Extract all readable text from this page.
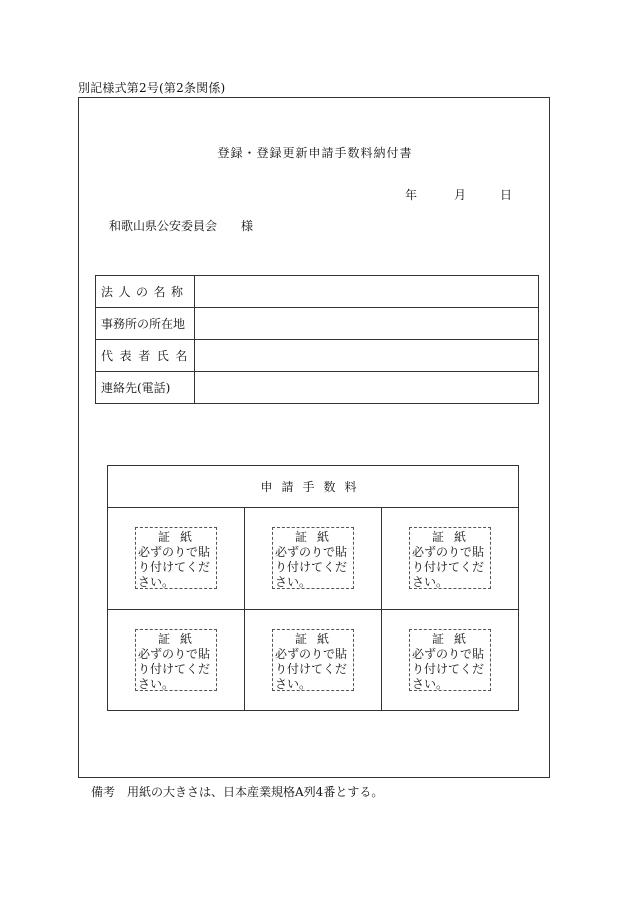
別記様式第2号(第2条関係)
登録・登録更新申請手数料納付書
年	月	日
和歌山県公安委員会 様
法人の名称	
事務所の所在地	
代表者氏名	
連絡先(電話)	
申請手数料
証紙
必ずのりで貼り付けてください。
証紙
必ずのりで貼り付けてください。
証紙
必ずのりで貼り付けてください。
証紙
必ずのりで貼り付けてください。
証紙
必ずのりで貼り付けてください。
証紙
必ずのりで貼り付けてください。
備考 用紙の大きさは、日本産業規格A列4番とする。
